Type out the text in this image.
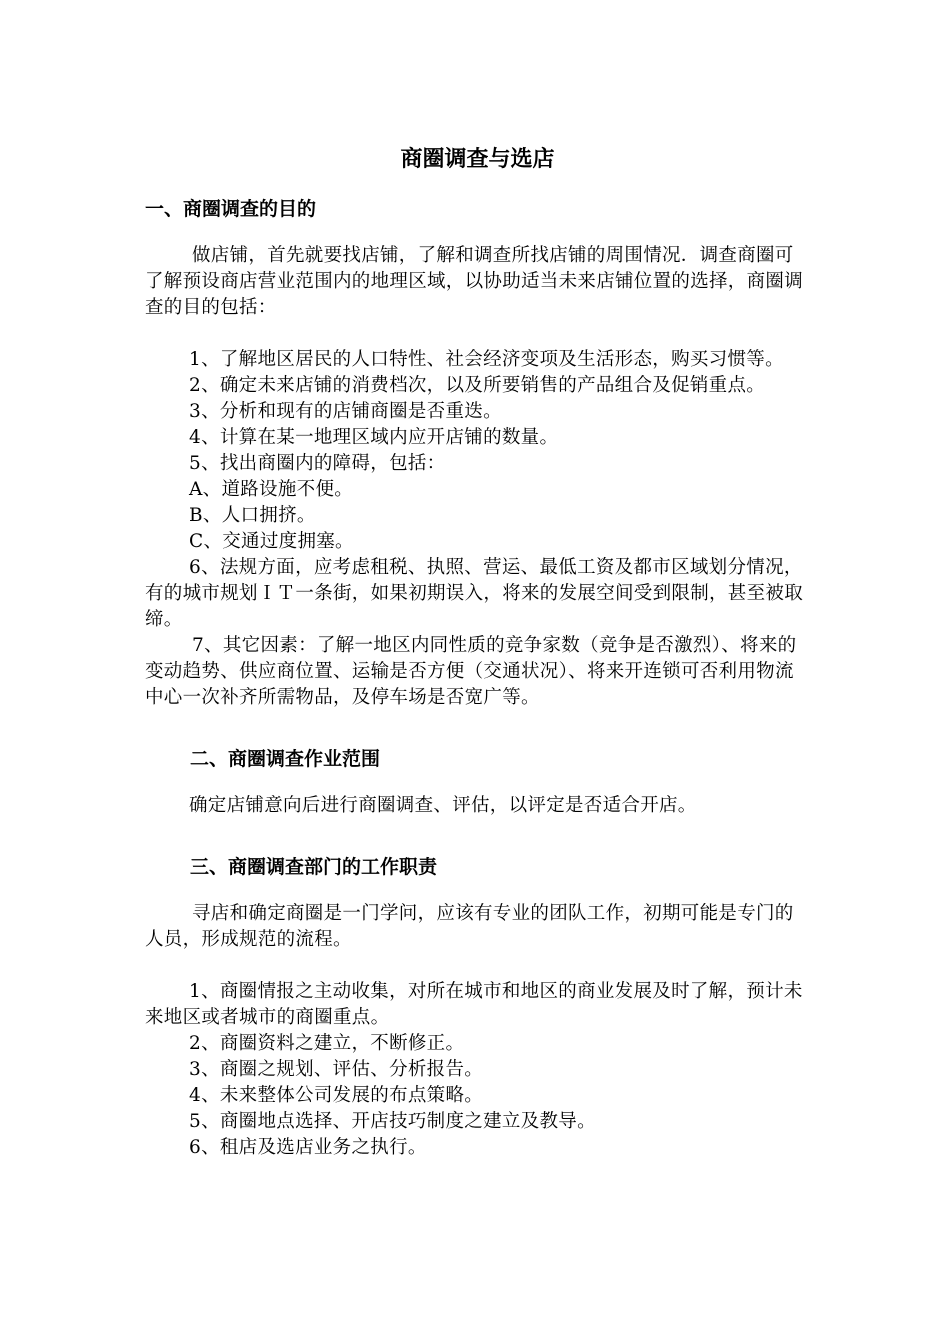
商圈调查与选店
一、商圈调查的目的

做店铺，首先就要找店铺，了解和调查所找店铺的周围情况．调查商圈可了解预设商店营业范围内的地理区域，以协助适当未来店铺位置的选择，商圈调查的目的包括：

1、了解地区居民的人口特性、社会经济变项及生活形态，购买习惯等。

2、确定未来店铺的消费档次，以及所要销售的产品组合及促销重点。

3、分析和现有的店铺商圈是否重迭。

4、计算在某一地理区域内应开店铺的数量。

5、找出商圈内的障碍，包括：

A、道路设施不便。

B、人口拥挤。

C、交通过度拥塞。

6、法规方面，应考虑租税、执照、营运、最低工资及都市区域划分情况，有的城市规划ＩＴ一条街，如果初期误入，将来的发展空间受到限制，甚至被取缔。

7、其它因素：了解一地区内同性质的竞争家数（竞争是否激烈）、将来的变动趋势、供应商位置、运输是否方便（交通状况）、将来开连锁可否利用物流中心一次补齐所需物品，及停车场是否宽广等。

二、商圈调查作业范围

确定店铺意向后进行商圈调查、评估，以评定是否适合开店。

三、商圈调查部门的工作职责

寻店和确定商圈是一门学问，应该有专业的团队工作，初期可能是专门的人员，形成规范的流程。

1、商圈情报之主动收集，对所在城市和地区的商业发展及时了解，预计未来地区或者城市的商圈重点。

2、商圈资料之建立，不断修正。

3、商圈之规划、评估、分析报告。

4、未来整体公司发展的布点策略。

5、商圈地点选择、开店技巧制度之建立及教导。

6、租店及选店业务之执行。
